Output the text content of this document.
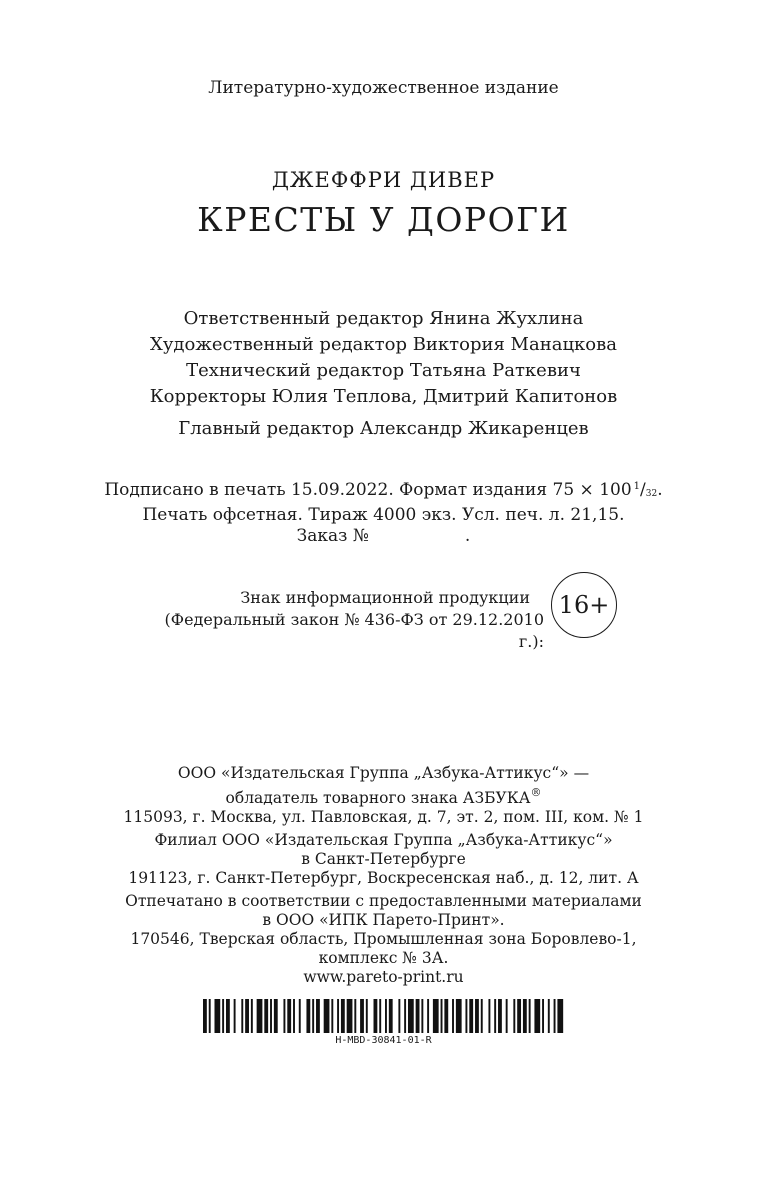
Литературно-художественное издание
ДЖЕФФРИ ДИВЕР
КРЕСТЫ У ДОРОГИ
Ответственный редактор Янина Жухлина
Художественный редактор Виктория Манацкова
Технический редактор Татьяна Раткевич
Корректоры Юлия Теплова, Дмитрий Капитонов
Главный редактор Александр Жикаренцев
Подписано в печать 15.09.2022. Формат издания 75 × 100 $^1/_{32}$.
Печать офсетная. Тираж 4000 экз. Усл. печ. л. 21,15.
Заказ №	.
Знак информационной продукции
(Федеральный закон № 436-ФЗ от 29.12.2010 г.):
16+
ООО «Издательская Группа „Азбука-Аттикус“» —
обладатель товарного знака АЗБУКА®
115093, г. Москва, ул. Павловская, д. 7, эт. 2, пом. III, ком. № 1
Филиал ООО «Издательская Группа „Азбука-Аттикус“»
в Санкт-Петербурге
191123, г. Санкт-Петербург, Воскресенская наб., д. 12, лит. А
Отпечатано в соответствии с предоставленными материалами
в ООО «ИПК Парето-Принт».
170546, Тверская область, Промышленная зона Боровлево-1,
комплекс № 3А.
www.pareto-print.ru
H-MBD-30841-01-R
